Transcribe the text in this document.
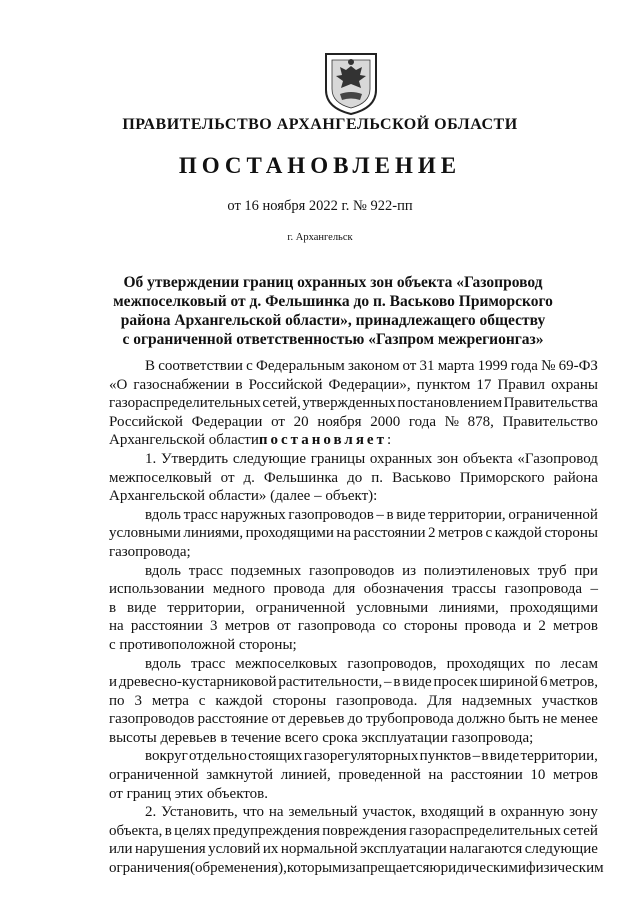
ПРАВИТЕЛЬСТВО АРХАНГЕЛЬСКОЙ ОБЛАСТИ
ПОСТАНОВЛЕНИЕ
от 16 ноября 2022 г. № 922-пп
г. Архангельск
Об утверждении границ охранных зон объекта «Газопровод
межпоселковый от д. Фельшинка до п. Васьково Приморского
района Архангельской области», принадлежащего обществу
с ограниченной ответственностью «Газпром межрегионгаз»
В соответствии с Федеральным законом от 31 марта 1999 года № 69-ФЗ
«О газоснабжении в Российской Федерации», пунктом 17 Правил охраны
газораспределительных сетей, утвержденных постановлением Правительства
Российской Федерации от 20 ноября 2000 года № 878, Правительство
Архангельской области постановляет :
1. Утвердить следующие границы охранных зон объекта «Газопровод
межпоселковый от д. Фельшинка до п. Васьково Приморского района
Архангельской области» (далее – объект):
вдоль трасс наружных газопроводов – в виде территории, ограниченной
условными линиями, проходящими на расстоянии 2 метров с каждой стороны
газопровода;
вдоль трасс подземных газопроводов из полиэтиленовых труб при
использовании медного провода для обозначения трассы газопровода –
в виде территории, ограниченной условными линиями, проходящими
на расстоянии 3 метров от газопровода со стороны провода и 2 метров
с противоположной стороны;
вдоль трасс межпоселковых газопроводов, проходящих по лесам
и древесно-кустарниковой растительности, – в виде просек шириной 6 метров,
по 3 метра с каждой стороны газопровода. Для надземных участков
газопроводов расстояние от деревьев до трубопровода должно быть не менее
высоты деревьев в течение всего срока эксплуатации газопровода;
вокруг отдельно стоящих газорегуляторных пунктов – в виде территории,
ограниченной замкнутой линией, проведенной на расстоянии 10 метров
от границ этих объектов.
2. Установить, что на земельный участок, входящий в охранную зону
объекта, в целях предупреждения повреждения газораспределительных сетей
или нарушения условий их нормальной эксплуатации налагаются следующие
ограничения (обременения), которыми запрещается юридическим и физическим
